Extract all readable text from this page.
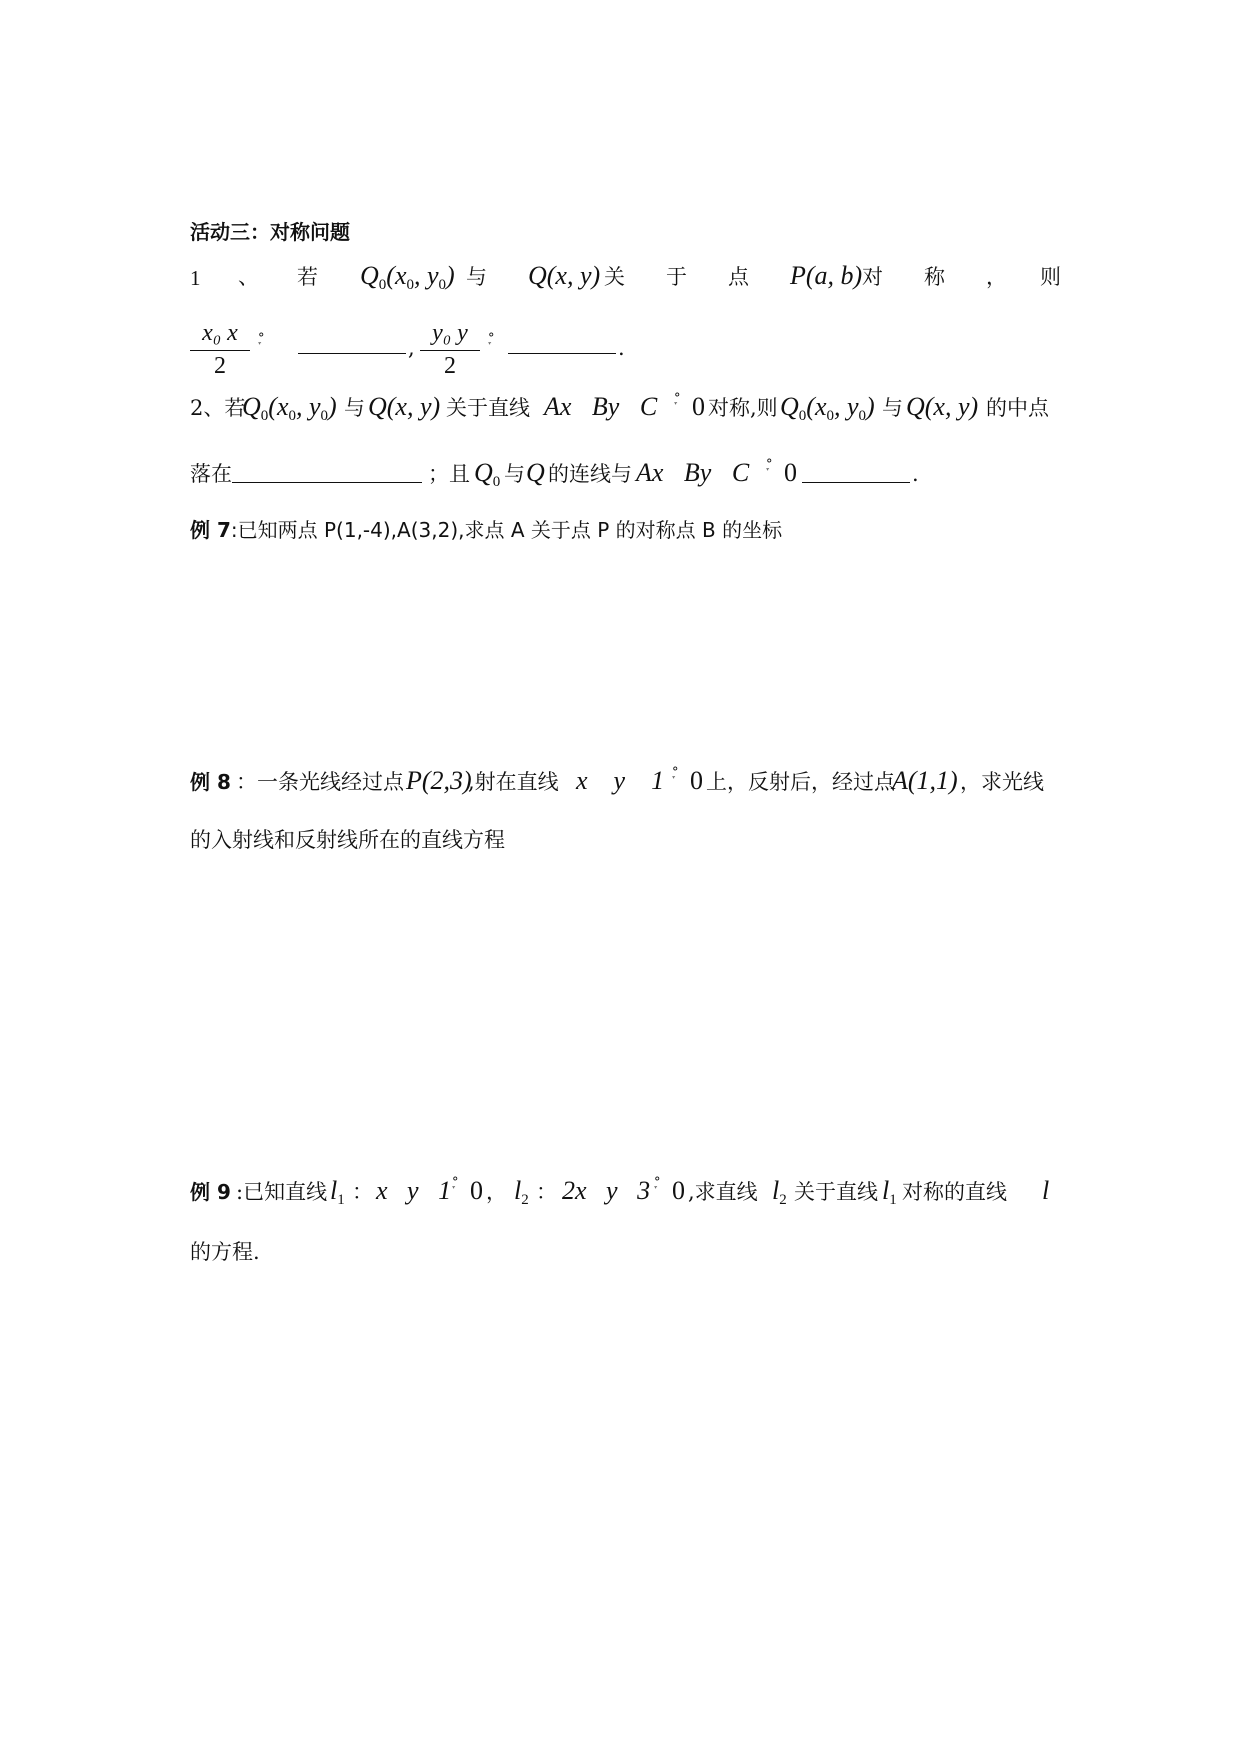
活动三：对称问题
1 、 若 $Q_0(x_0$, $y_0$) 与 Q(x, y) 关 于 点 P(a, b) 对 称 ， 则
x₀ x
2
ׇ°	,
y₀ y
2
ׇ°	.
2、若
$Q_0(x_0$, $y_0$) 与 Q(x, y) 关于直线 Ax By C ׇ° 0 对称,则 $Q_0(x_0$, $y_0$) 与 Q(x, y) 的中点
落在	；且 $Q_0$ 与 Q 的连线与 Ax By C ׇ° 0	.
例 7:已知两点 P(1,-4),A(3,2),求点 A 关于点 P 的对称点 B 的坐标
例 8 ：一条光线经过点 P(2,3)
,射在直线 x    y    1 ׇ° 0 上，反射后，经过点
A(1,1) ，求光线
的入射线和反射线所在的直线方程
例 9 :已知直线 $l_1$ ： x   y   1 ׇ° 0 ， $l_2$ ： 2x   y   3 ׇ° 0 ,求直线 $l_2$ 关于直线 $l_1$ 对称的直线 l
的方程.
